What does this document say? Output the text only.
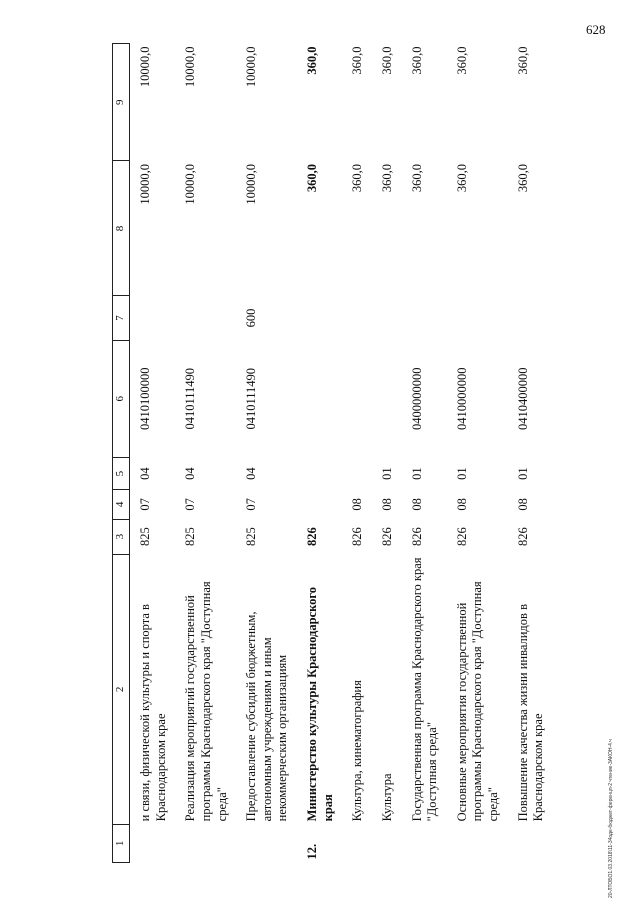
628
20-ЛТОБО1.03.2018\11-34оде-бюджет-ференцп-2 чтение-3АКОН-4.ч
1	2	3	4	5	6	7	8	9
	и связи, физической культуры и спорта в Краснодарском крае	825	07	04	0410100000		10000,0	10000,0
	Реализация мероприятий государственной программы Краснодарского края "Доступная среда"	825	07	04	0410111490		10000,0	10000,0
	Предоставление субсидий бюджетным, автономным учреждениям и иным некоммерческим организациям	825	07	04	0410111490	600	10000,0	10000,0
12.	Министерство культуры Краснодарского края	826					360,0	360,0
	Культура, кинематография	826	08				360,0	360,0
	Культура	826	08	01			360,0	360,0
	Государственная программа Краснодарского края "Доступная среда"	826	08	01	0400000000		360,0	360,0
	Основные мероприятия государственной программы Краснодарского края "Доступная среда"	826	08	01	0410000000		360,0	360,0
	Повышение качества жизни инвалидов в Краснодарском крае	826	08	01	0410400000		360,0	360,0
